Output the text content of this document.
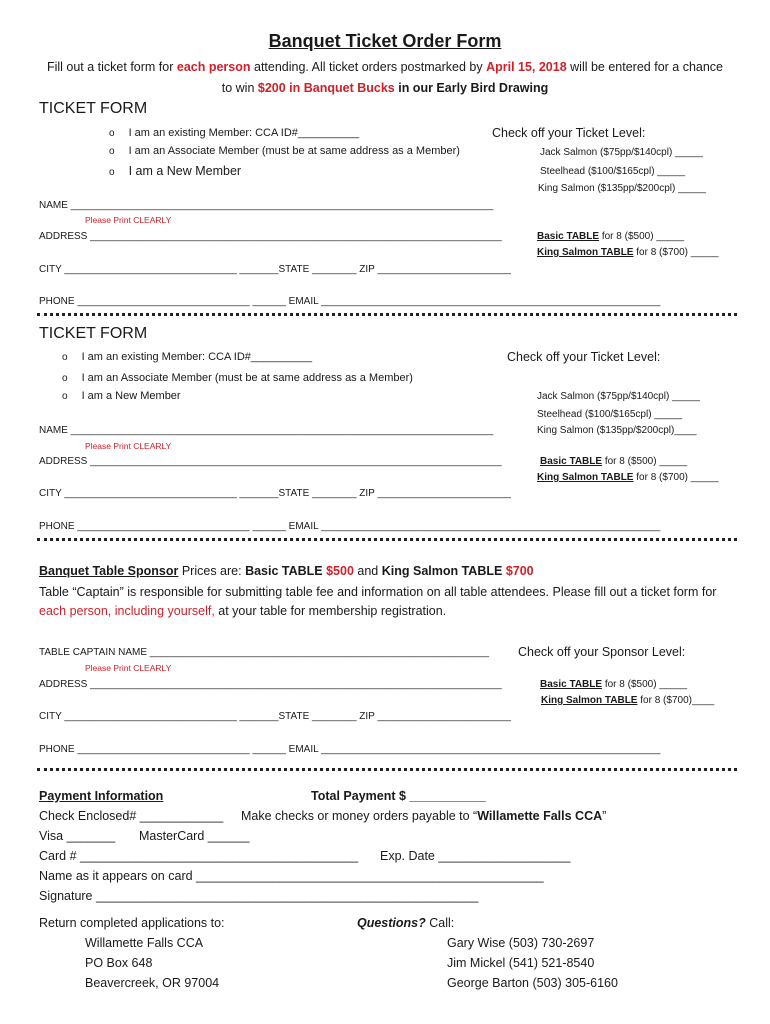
Banquet Ticket Order Form
Fill out a ticket form for each person attending. All ticket orders postmarked by April 15, 2018 will be entered for a chance
to win $200 in Banquet Bucks in our Early Bird Drawing
TICKET FORM
o I am an existing Member: CCA ID#__________
o I am an Associate Member (must be at same address as a Member)
o I am a New Member
Check off your Ticket Level:
Jack Salmon ($75pp/$140cpl) _____
Steelhead ($100/$165cpl) _____
King Salmon ($135pp/$200cpl) _____
NAME ____________________________________________________________________________
Please Print CLEARLY
ADDRESS __________________________________________________________________________
CITY _______________________________ _______STATE ________ ZIP ________________________
PHONE _______________________________ ______ EMAIL _____________________________________________________________
Basic TABLE for 8 ($500) _____
King Salmon TABLE for 8 ($700) _____
TICKET FORM
o I am an existing Member: CCA ID#__________
o I am an Associate Member (must be at same address as a Member)
o I am a New Member
Check off your Ticket Level:
Jack Salmon ($75pp/$140cpl) _____
Steelhead ($100/$165cpl) _____
King Salmon ($135pp/$200cpl)____
NAME ____________________________________________________________________________
Please Print CLEARLY
ADDRESS __________________________________________________________________________
CITY _______________________________ _______STATE ________ ZIP ________________________
PHONE _______________________________ ______ EMAIL _____________________________________________________________
Basic TABLE for 8 ($500) _____
King Salmon TABLE for 8 ($700) _____
Banquet Table Sponsor Prices are: Basic TABLE $500 and King Salmon TABLE $700
Table “Captain” is responsible for submitting table fee and information on all table attendees. Please fill out a ticket form for
each person, including yourself, at your table for membership registration.
TABLE CAPTAIN NAME _____________________________________________________________
Please Print CLEARLY
ADDRESS __________________________________________________________________________
CITY _______________________________ _______STATE ________ ZIP ________________________
PHONE _______________________________ ______ EMAIL _____________________________________________________________
Check off your Sponsor Level:
Basic TABLE for 8 ($500) _____
King Salmon TABLE for 8 ($700)____
Payment Information	Total Payment $ ___________
Check Enclosed# ____________ Make checks or money orders payable to “Willamette Falls CCA”
Visa _______ MasterCard ______
Card # ________________________________________ Exp. Date ___________________
Name as it appears on card __________________________________________________
Signature _______________________________________________________
Return completed applications to:
Willamette Falls CCA
PO Box 648
Beavercreek, OR 97004
Questions? Call:
Gary Wise (503) 730-2697
Jim Mickel (541) 521-8540
George Barton (503) 305-6160
